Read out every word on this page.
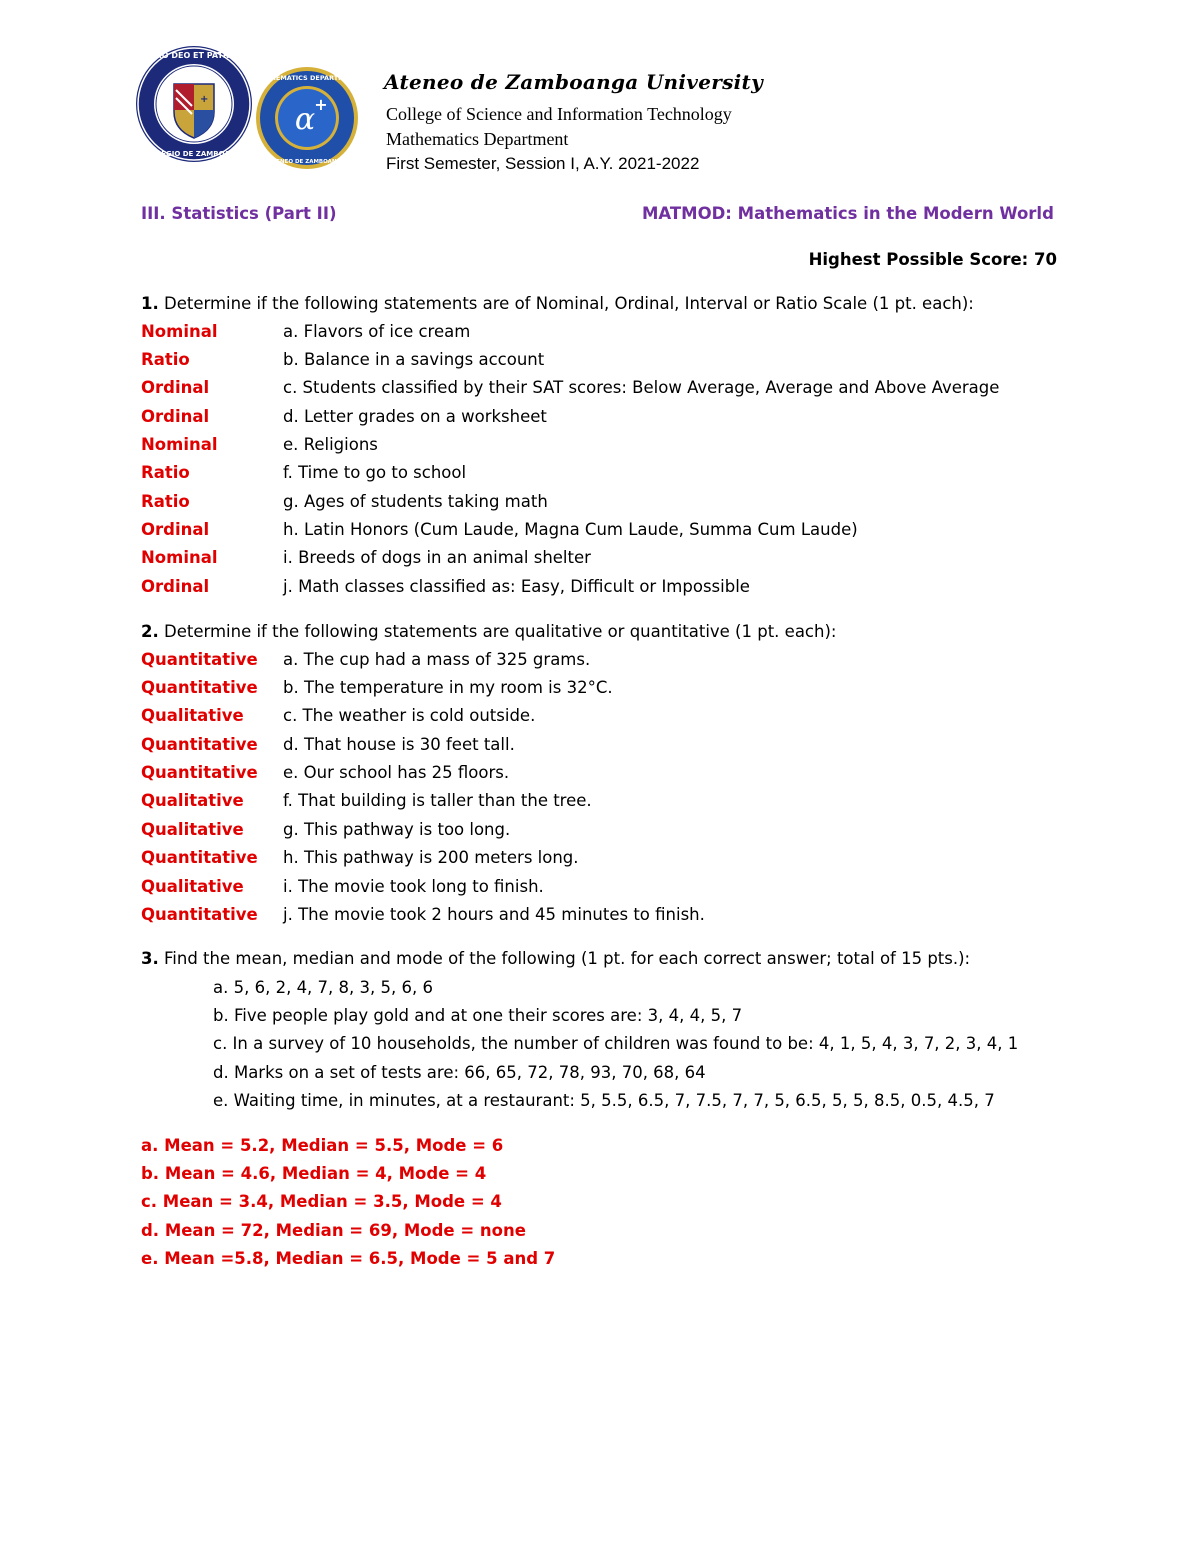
+
PRO DEO ET PATRIA
COLLEGIO DE ZAMBOANGA
α +
MATHEMATICS DEPARTMENT
ATENEO DE ZAMBOANGA
Ateneo de Zamboanga University
College of Science and Information Technology
Mathematics Department
First Semester, Session I, A.Y. 2021-2022
III. Statistics (Part II)	MATMOD: Mathematics in the Modern World
Highest Possible Score: 70
1. Determine if the following statements are of Nominal, Ordinal, Interval or Ratio Scale (1 pt. each):
Nominal	a. Flavors of ice cream
Ratio	b. Balance in a savings account
Ordinal	c. Students classified by their SAT scores: Below Average, Average and Above Average
Ordinal	d. Letter grades on a worksheet
Nominal	e. Religions
Ratio	f. Time to go to school
Ratio	g. Ages of students taking math
Ordinal	h. Latin Honors (Cum Laude, Magna Cum Laude, Summa Cum Laude)
Nominal	i. Breeds of dogs in an animal shelter
Ordinal	j. Math classes classified as: Easy, Difficult or Impossible
2. Determine if the following statements are qualitative or quantitative (1 pt. each):
Quantitative a. The cup had a mass of 325 grams.
Quantitative b. The temperature in my room is 32°C.
Qualitative c. The weather is cold outside.
Quantitative d. That house is 30 feet tall.
Quantitative e. Our school has 25 floors.
Qualitative f. That building is taller than the tree.
Qualitative g. This pathway is too long.
Quantitative h. This pathway is 200 meters long.
Qualitative i. The movie took long to finish.
Quantitative j. The movie took 2 hours and 45 minutes to finish.
3. Find the mean, median and mode of the following (1 pt. for each correct answer; total of 15 pts.):
a. 5, 6, 2, 4, 7, 8, 3, 5, 6, 6
b. Five people play gold and at one their scores are: 3, 4, 4, 5, 7
c. In a survey of 10 households, the number of children was found to be: 4, 1, 5, 4, 3, 7, 2, 3, 4, 1
d. Marks on a set of tests are: 66, 65, 72, 78, 93, 70, 68, 64
e. Waiting time, in minutes, at a restaurant: 5, 5.5, 6.5, 7, 7.5, 7, 7, 5, 6.5, 5, 5, 8.5, 0.5, 4.5, 7
a. Mean = 5.2, Median = 5.5, Mode = 6
b. Mean = 4.6, Median = 4, Mode = 4
c. Mean = 3.4, Median = 3.5, Mode = 4
d. Mean = 72, Median = 69, Mode = none
e. Mean =5.8, Median = 6.5, Mode = 5 and 7
